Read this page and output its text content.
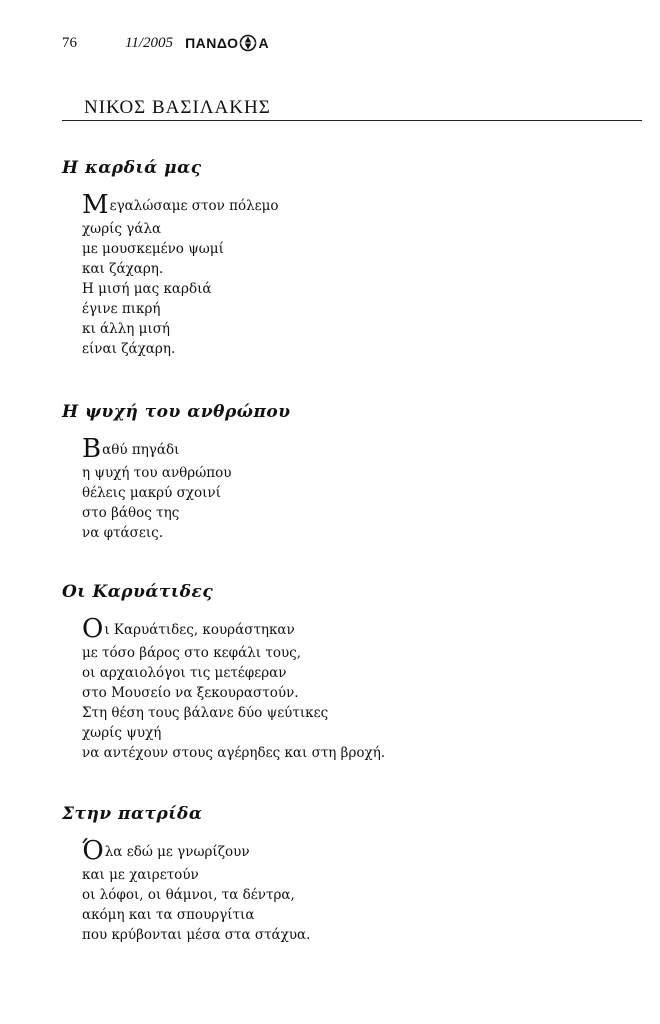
76	11/2005 ΠΑΝΔΟ Α
ΝΙΚΟΣ ΒΑΣΙΛΑΚΗΣ
Η καρδιά μας
Μεγαλώσαμε στον πόλεμο
χωρίς γάλα
με μουσκεμένο ψωμί
και ζάχαρη.
Η μισή μας καρδιά
έγινε πικρή
κι άλλη μισή
είναι ζάχαρη.
Η ψυχή του ανθρώπου
Βαθύ πηγάδι
η ψυχή του ανθρώπου
θέλεις μακρύ σχοινί
στο βάθος της
να φτάσεις.
Οι Καρυάτιδες
Οι Καρυάτιδες, κουράστηκαν
με τόσο βάρος στο κεφάλι τους,
οι αρχαιολόγοι τις μετέφεραν
στο Μουσείο να ξεκουραστούν.
Στη θέση τους βάλανε δύο ψεύτικες
χωρίς ψυχή
να αντέχουν στους αγέρηδες και στη βροχή.
Στην πατρίδα
Όλα εδώ με γνωρίζουν
και με χαιρετούν
οι λόφοι, οι θάμνοι, τα δέντρα,
ακόμη και τα σπουργίτια
που κρύβονται μέσα στα στάχυα.
